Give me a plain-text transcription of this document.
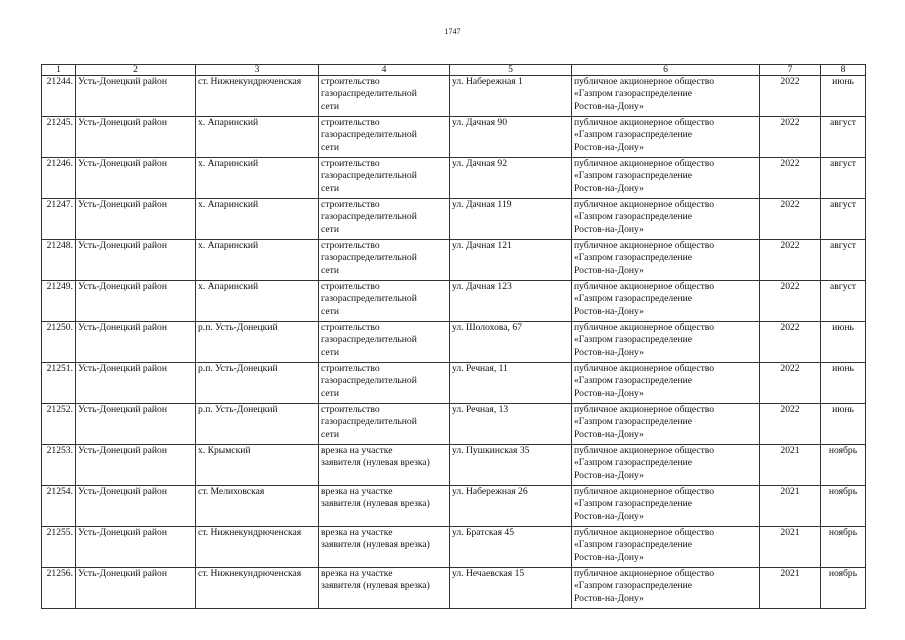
1747
1	2	3	4	5	6	7	8
21244.	Усть-Донецкий район	ст. Нижнекундрюченская	строительство
газораспределительной
сети	ул. Набережная 1	публичное акционерное общество
«Газпром газораспределение
Ростов-на-Дону»	2022	июнь
21245.	Усть-Донецкий район	х. Апаринский	строительство
газораспределительной
сети	ул. Дачная 90	публичное акционерное общество
«Газпром газораспределение
Ростов-на-Дону»	2022	август
21246.	Усть-Донецкий район	х. Апаринский	строительство
газораспределительной
сети	ул. Дачная 92	публичное акционерное общество
«Газпром газораспределение
Ростов-на-Дону»	2022	август
21247.	Усть-Донецкий район	х. Апаринский	строительство
газораспределительной
сети	ул. Дачная 119	публичное акционерное общество
«Газпром газораспределение
Ростов-на-Дону»	2022	август
21248.	Усть-Донецкий район	х. Апаринский	строительство
газораспределительной
сети	ул. Дачная 121	публичное акционерное общество
«Газпром газораспределение
Ростов-на-Дону»	2022	август
21249.	Усть-Донецкий район	х. Апаринский	строительство
газораспределительной
сети	ул. Дачная 123	публичное акционерное общество
«Газпром газораспределение
Ростов-на-Дону»	2022	август
21250.	Усть-Донецкий район	р.п. Усть-Донецкий	строительство
газораспределительной
сети	ул. Шолохова, 67	публичное акционерное общество
«Газпром газораспределение
Ростов-на-Дону»	2022	июнь
21251.	Усть-Донецкий район	р.п. Усть-Донецкий	строительство
газораспределительной
сети	ул. Речная, 11	публичное акционерное общество
«Газпром газораспределение
Ростов-на-Дону»	2022	июнь
21252.	Усть-Донецкий район	р.п. Усть-Донецкий	строительство
газораспределительной
сети	ул. Речная, 13	публичное акционерное общество
«Газпром газораспределение
Ростов-на-Дону»	2022	июнь
21253.	Усть-Донецкий район	х. Крымский	врезка на участке
заявителя (нулевая врезка)	ул. Пушкинская 35	публичное акционерное общество
«Газпром газораспределение
Ростов-на-Дону»	2021	ноябрь
21254.	Усть-Донецкий район	ст. Мелиховская	врезка на участке
заявителя (нулевая врезка)	ул. Набережная 26	публичное акционерное общество
«Газпром газораспределение
Ростов-на-Дону»	2021	ноябрь
21255.	Усть-Донецкий район	ст. Нижнекундрюченская	врезка на участке
заявителя (нулевая врезка)	ул. Братская 45	публичное акционерное общество
«Газпром газораспределение
Ростов-на-Дону»	2021	ноябрь
21256.	Усть-Донецкий район	ст. Нижнекундрюченская	врезка на участке
заявителя (нулевая врезка)	ул. Нечаевская 15	публичное акционерное общество
«Газпром газораспределение
Ростов-на-Дону»	2021	ноябрь
